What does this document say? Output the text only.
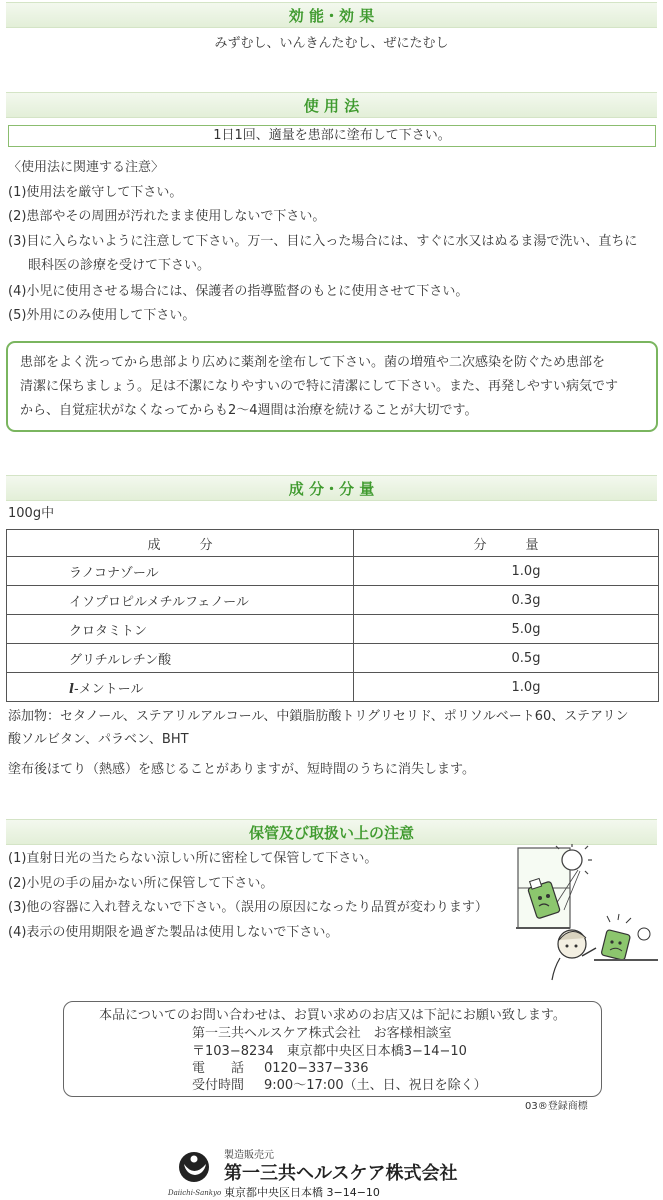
効 能・効 果
みずむし、いんきんたむし、ぜにたむし
使 用 法
1日1回、適量を患部に塗布して下さい。
〈使用法に関連する注意〉
(1)使用法を厳守して下さい。
(2)患部やその周囲が汚れたまま使用しないで下さい。
(3)目に入らないように注意して下さい。万一、目に入った場合には、すぐに水又はぬるま湯で洗い、直ちに
眼科医の診療を受けて下さい。
(4)小児に使用させる場合には、保護者の指導監督のもとに使用させて下さい。
(5)外用にのみ使用して下さい。
患部をよく洗ってから患部より広めに薬剤を塗布して下さい。菌の増殖や二次感染を防ぐため患部を
清潔に保ちましょう。足は不潔になりやすいので特に清潔にして下さい。また、再発しやすい病気です
から、自覚症状がなくなってからも2～4週間は治療を続けることが大切です。
成 分・分 量
100g中
成　　　分	分　　　量
ラノコナゾール	1.0g
イソプロピルメチルフェノール	0.3g
クロタミトン	5.0g
グリチルレチン酸	0.5g
l-メントール	1.0g
添加物：セタノール、ステアリルアルコール、中鎖脂肪酸トリグリセリド、ポリソルベート60、ステアリン
酸ソルビタン、パラベン、BHT
塗布後ほてり（熱感）を感じることがありますが、短時間のうちに消失します。
保管及び取扱い上の注意
(1)直射日光の当たらない涼しい所に密栓して保管して下さい。
(2)小児の手の届かない所に保管して下さい。
(3)他の容器に入れ替えないで下さい。（誤用の原因になったり品質が変わります）
(4)表示の使用期限を過ぎた製品は使用しないで下さい。
本品についてのお問い合わせは、お買い求めのお店又は下記にお願い致します。
第一三共ヘルスケア株式会社　お客様相談室
〒103−8234　東京都中央区日本橋3−14−10
電　　話 0120−337−336
受付時間 9:00〜17:00（土、日、祝日を除く）
03®登録商標
Daiichi-Sankyo
製造販売元
第一三共ヘルスケア株式会社
東京都中央区日本橋 3−14−10
